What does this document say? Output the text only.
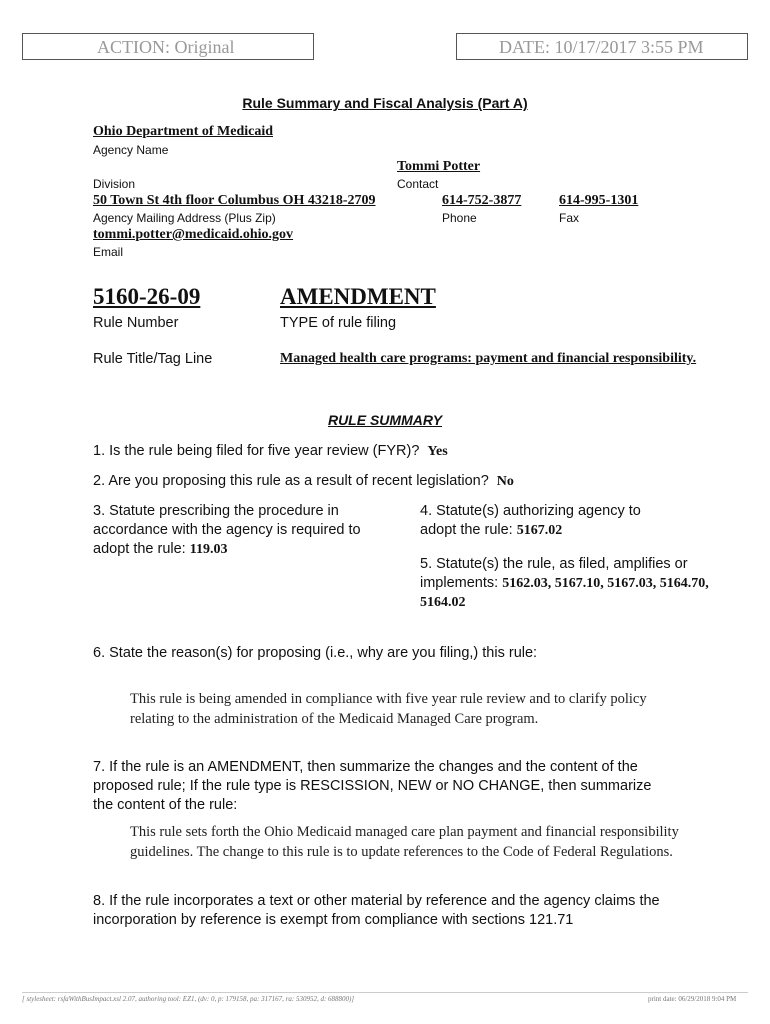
ACTION: Original	DATE: 10/17/2017 3:55 PM
Rule Summary and Fiscal Analysis (Part A)
Ohio Department of Medicaid
Agency Name
Tommi Potter
Division	Contact
50 Town St 4th floor Columbus OH 43218-2709	614-752-3877	614-995-1301
Agency Mailing Address (Plus Zip)	Phone	Fax
tommi.potter@medicaid.ohio.gov
Email
5160-26-09	AMENDMENT
Rule Number	TYPE of rule filing
Rule Title/Tag Line	Managed health care programs: payment and financial responsibility.
RULE SUMMARY
1. Is the rule being filed for five year review (FYR)? Yes
2. Are you proposing this rule as a result of recent legislation? No
3. Statute prescribing the procedure in accordance with the agency is required to adopt the rule: 119.03
4. Statute(s) authorizing agency to adopt the rule: 5167.02
5. Statute(s) the rule, as filed, amplifies or implements: 5162.03, 5167.10, 5167.03, 5164.70, 5164.02
6. State the reason(s) for proposing (i.e., why are you filing,) this rule:
This rule is being amended in compliance with five year rule review and to clarify policy relating to the administration of the Medicaid Managed Care program.
7. If the rule is an AMENDMENT, then summarize the changes and the content of the proposed rule; If the rule type is RESCISSION, NEW or NO CHANGE, then summarize the content of the rule:
This rule sets forth the Ohio Medicaid managed care plan payment and financial responsibility guidelines. The change to this rule is to update references to the Code of Federal Regulations.
8. If the rule incorporates a text or other material by reference and the agency claims the incorporation by reference is exempt from compliance with sections 121.71
[ stylesheet: rsfaWithBusImpact.xsl 2.07, authoring tool: EZ1, (dv: 0, p: 179158, pa: 317167, ra: 530952, d: 688800)]	print date: 06/29/2018 9:04 PM
